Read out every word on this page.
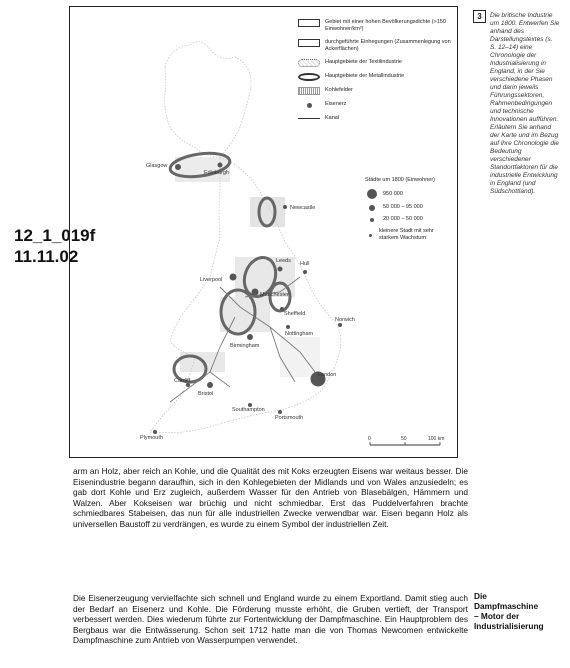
12_1_019f
11.11.02
Glasgow
Edinburgh
Newcastle
Liverpool
Leeds Hull
Manchester
Sheffield
Birmingham
Nottingham
Norwich
Bristol
Cardiff
London
Southampton
Portsmouth
Plymouth	0	50	100 km
Gebiet mit einer hohen Bevölkerungsdichte (>150 Einwohner/km²)
durchgeführte Einhegungen (Zusammenlegung von Ackerflächen)
Hauptgebiete der Textilindustrie
Hauptgebiete der Metallindustrie
Kohlefelder
Eisenerz
Kanal
Städte um 1800 (Einwohner)
950 000
50 000 – 95 000
20 000 – 50 000
kleinere Stadt mit sehr starkem Wachstum
3	Die britische Industrie um 1800. Entwerfen Sie anhand des Darstellungstextes (s. S. 12–14) eine Chronologie der Industrialisierung in England, in der Sie verschiedene Phasen und darin jeweils Führungssektoren, Rahmenbedingungen und technische Innovationen aufführen. Erläutern Sie anhand der Karte und im Bezug auf ihre Chronologie die Bedeutung verschiedener Standortfaktoren für die industrielle Entwicklung in England (und Südschottland).
arm an Holz, aber reich an Kohle, und die Qualität des mit Koks erzeugten Eisens war weitaus besser. Die Eisenindustrie begann daraufhin, sich in den Kohlegebieten der Midlands und von Wales anzusiedeln; es gab dort Kohle und Erz zugleich, außerdem Wasser für den Antrieb von Blasebälgen, Hämmern und Walzen. Aber Kokseisen war brüchig und nicht schmiedbar. Erst das Puddelverfahren brachte schmiedbares Stabeisen, das nun für alle industriellen Zwecke verwendbar war. Eisen begann Holz als universellen Baustoff zu verdrängen, es wurde zu einem Symbol der industriellen Zeit.
Die Eisenerzeugung vervielfachte sich schnell und England wurde zu einem Exportland. Damit stieg auch der Bedarf an Eisenerz und Kohle. Die Förderung musste erhöht, die Gruben vertieft, der Transport verbessert werden. Dies wiederum führte zur Fortentwicklung der Dampfmaschine. Ein Hauptproblem des Bergbaus war die Entwässerung. Schon seit 1712 hatte man die von Thomas Newcomen entwickelte Dampfmaschine zum Antrieb von Wasserpumpen verwendet.
Die Dampfmaschine – Motor der Industrialisierung
